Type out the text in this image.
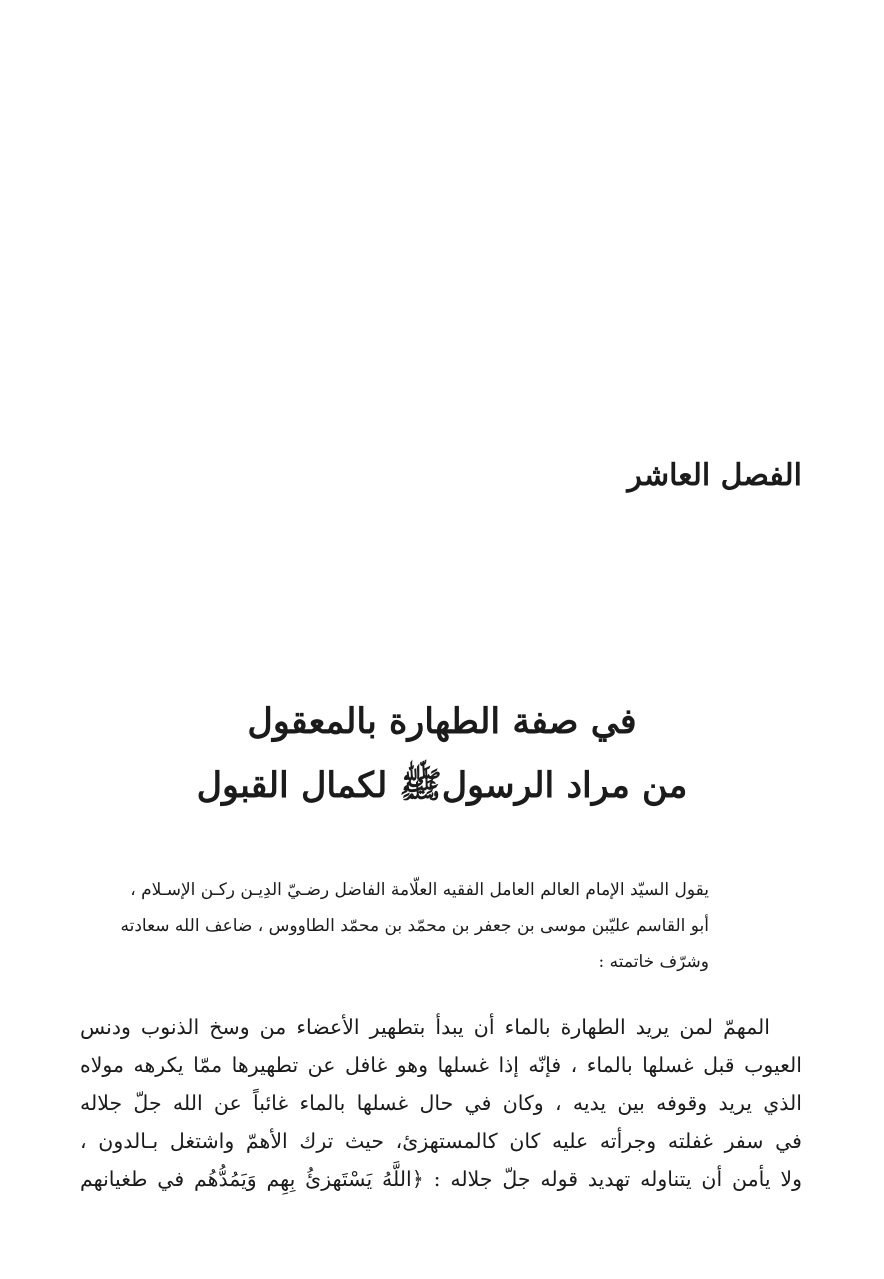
الفصل العاشر
في صفة الطهارة بالمعقول
من مراد الرسولﷺ لكمال القبول
يقول السيّد الإمام العالم العامل الفقيه العلّامة الفاضل رضـيّ الدِيـن ركـن الإسـلام ،
أبو القاسم عليّبن موسى بن جعفر بن محمّد بن محمّد الطاووس ، ضاعف الله سعادته
وشرّف خاتمته :
المهمّ لمن يريد الطهارة بالماء أن يبدأ بتطهير الأعضاء من وسخ الذنوب ودنس
العيوب قبل غسلها بالماء ، فإنّه إذا غسلها وهو غافل عن تطهيرها ممّا يكرهه مولاه
الذي يريد وقوفه بين يديه ، وكان في حال غسلها بالماء غائباً عن الله جلّ جلاله
في سفر غفلته وجرأته عليه كان كالمستهزئ، حيث ترك الأهمّ واشتغل بـالدون ،
ولا يأمن أن يتناوله تهديد قوله جلّ جلاله : ﴿اللَّهُ يَسْتَهزئُ بِهِم وَيَمُدُّهُم في طغيانهم
